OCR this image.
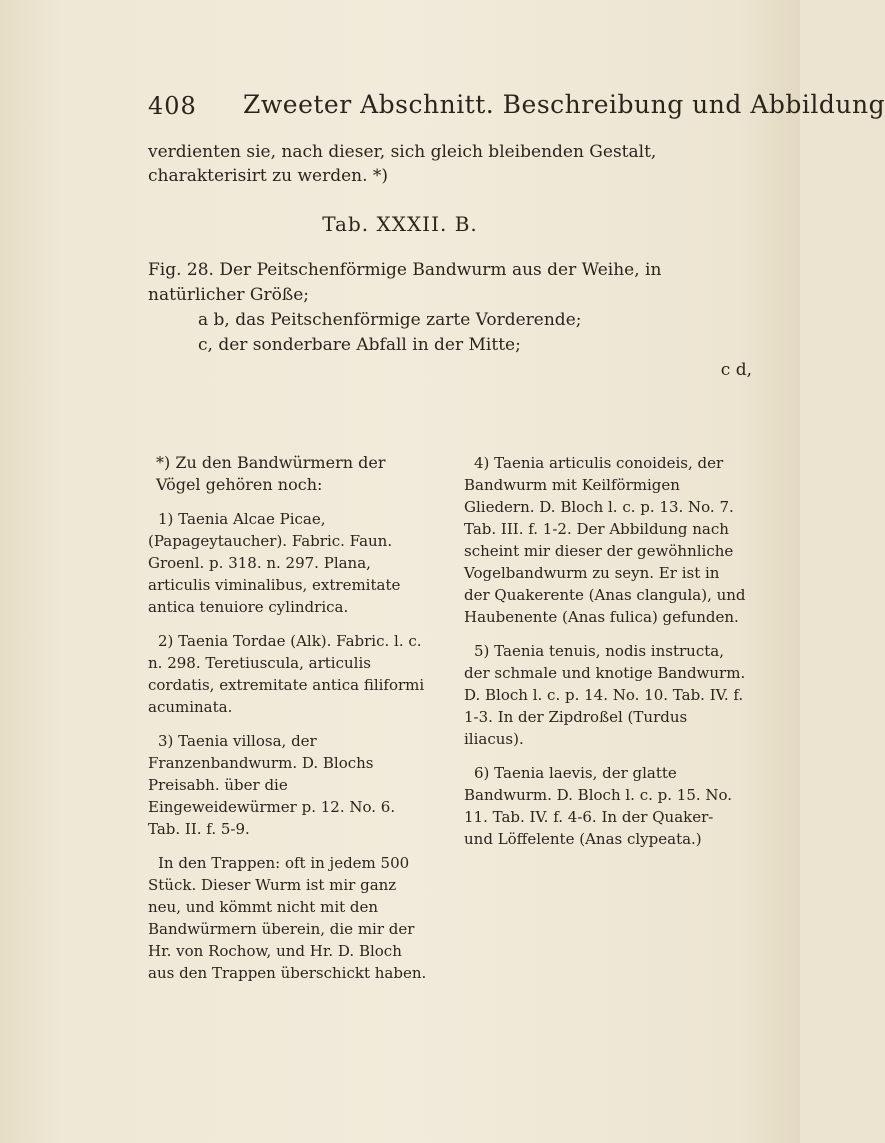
408 Zweeter Abschnitt. Beschreibung und Abbildung
verdienten sie, nach dieser, sich gleich bleibenden Gestalt, charakterisirt zu werden. *)
Tab. XXXII. B.

Fig. 28. Der Peitschenförmige Bandwurm aus der Weihe, in natürlicher Größe;

a b, das Peitschenförmige zarte Vorderende;

c, der sonderbare Abfall in der Mitte;

c d,

*) Zu den Bandwürmern der Vögel gehören noch:

1) Taenia Alcae Picae, (Papageytaucher). Fabric. Faun. Groenl. p. 318. n. 297. Plana, articulis viminalibus, extremitate antica tenuiore cylindrica.

2) Taenia Tordae (Alk). Fabric. l. c. n. 298. Teretiuscula, articulis cordatis, extremitate antica filiformi acuminata.

3) Taenia villosa, der Franzenbandwurm. D. Blochs Preisabh. über die Eingeweidewürmer p. 12. No. 6. Tab. II. f. 5-9.

In den Trappen: oft in jedem 500 Stück. Dieser Wurm ist mir ganz neu, und kömmt nicht mit den Bandwürmern überein, die mir der Hr. von Rochow, und Hr. D. Bloch aus den Trappen überschickt haben.

4) Taenia articulis conoideis, der Bandwurm mit Keilförmigen Gliedern. D. Bloch l. c. p. 13. No. 7. Tab. III. f. 1-2. Der Abbildung nach scheint mir dieser der gewöhnliche Vogelbandwurm zu seyn. Er ist in der Quakerente (Anas clangula), und Haubenente (Anas fulica) gefunden.

5) Taenia tenuis, nodis instructa, der schmale und knotige Bandwurm. D. Bloch l. c. p. 14. No. 10. Tab. IV. f. 1-3. In der Zipdroßel (Turdus iliacus).

6) Taenia laevis, der glatte Bandwurm. D. Bloch l. c. p. 15. No. 11. Tab. IV. f. 4-6. In der Quaker- und Löffelente (Anas clypeata.)
